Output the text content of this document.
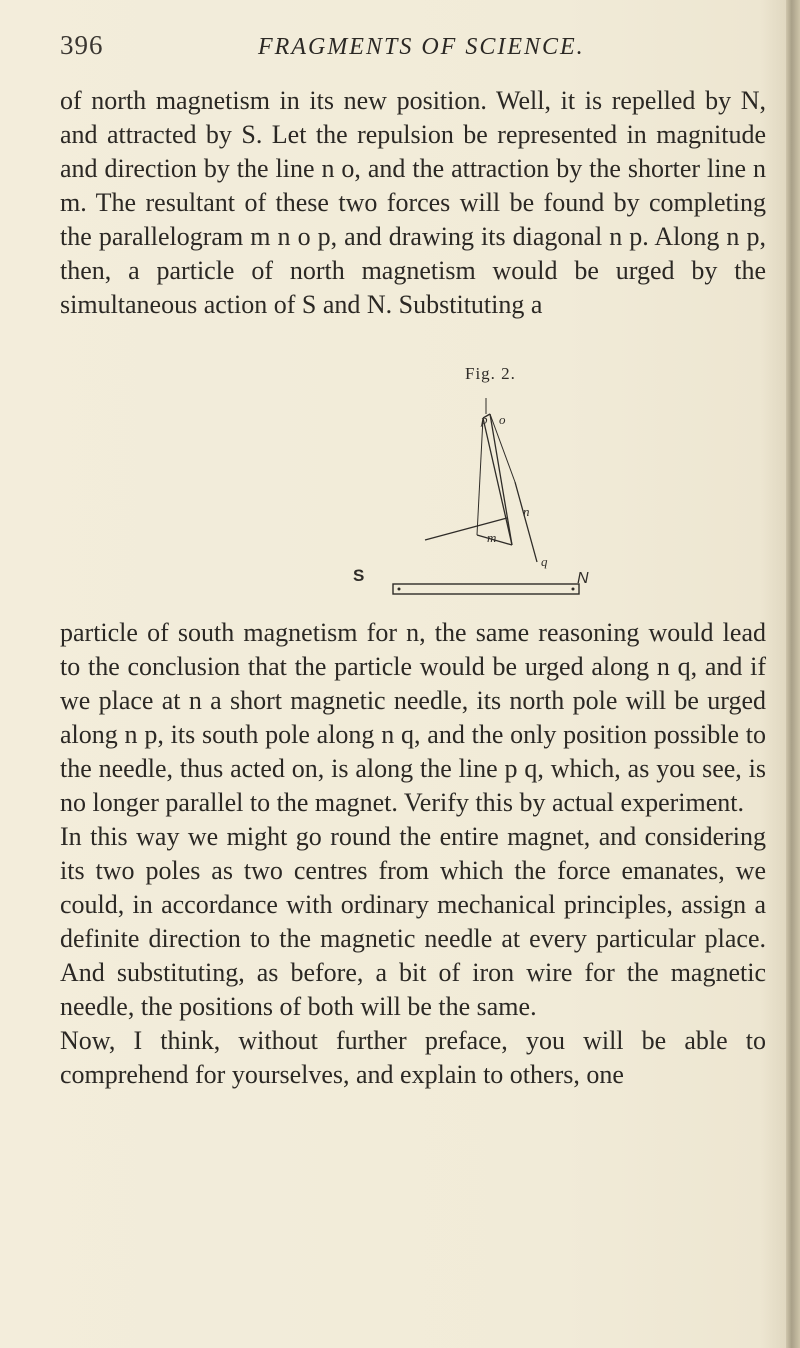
396	FRAGMENTS OF SCIENCE.

of north magnetism in its new position. Well, it is repelled by N, and attracted by S. Let the repulsion be represented in magnitude and direction by the line n o, and the attraction by the shorter line n m. The resultant of these two forces will be found by completing the parallelogram m n o p, and drawing its diagonal n p. Along n p, then, a particle of north magnetism would be urged by the simultaneous action of S and N. Substituting a

Fig. 2.
S	N
p o
n
m
q

particle of south magnetism for n, the same reasoning would lead to the conclusion that the particle would be urged along n q, and if we place at n a short magnetic needle, its north pole will be urged along n p, its south pole along n q, and the only position possible to the needle, thus acted on, is along the line p q, which, as you see, is no longer parallel to the magnet. Verify this by actual experiment.

In this way we might go round the entire magnet, and considering its two poles as two centres from which the force emanates, we could, in accordance with ordinary mechanical principles, assign a definite direction to the magnetic needle at every particular place. And substituting, as before, a bit of iron wire for the magnetic needle, the positions of both will be the same.

Now, I think, without further preface, you will be able to comprehend for yourselves, and explain to others, one
